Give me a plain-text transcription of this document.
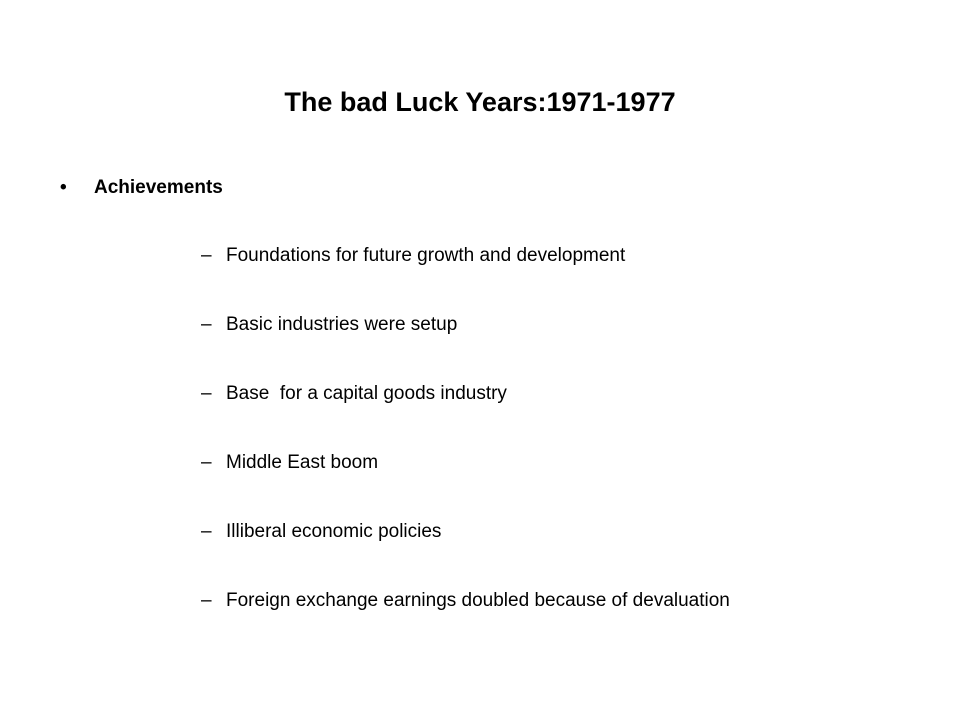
The bad Luck Years:1971-1977
•	Achievements
– Foundations for future growth and development
– Basic industries were setup
– Base  for a capital goods industry
– Middle East boom
– Illiberal economic policies
– Foreign exchange earnings doubled because of devaluation
